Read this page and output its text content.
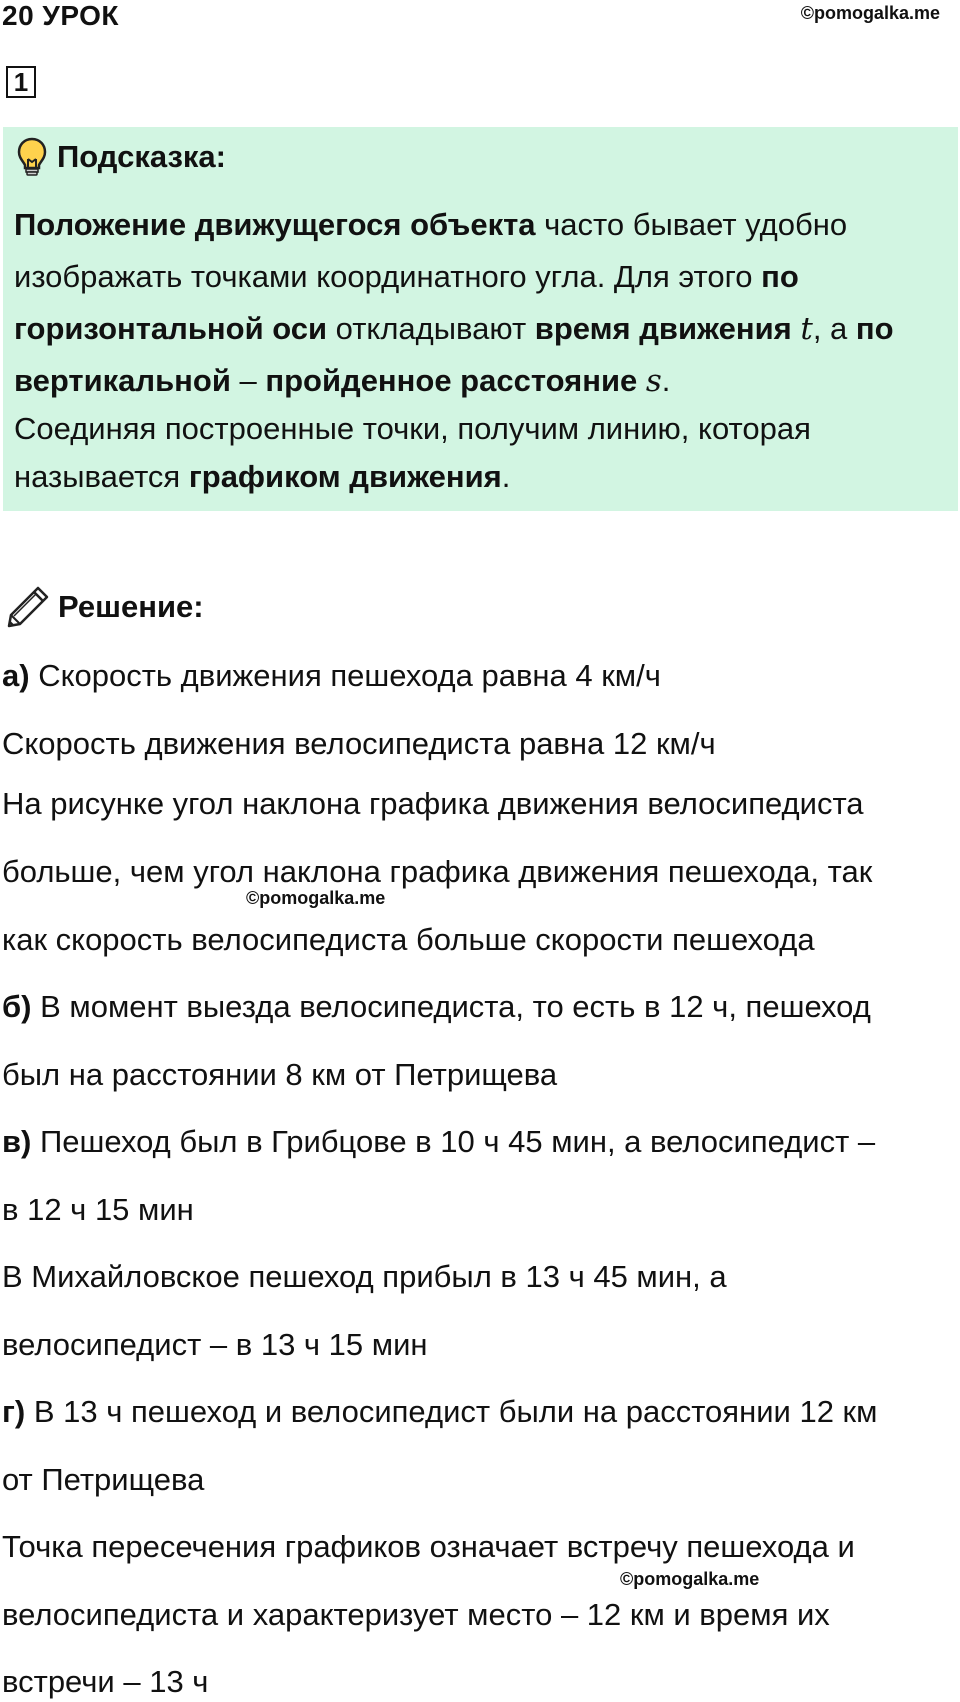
20 УРОК	©pomogalka.me
1
Подсказка:
Положение движущегося объекта часто бывает удобно
изображать точками координатного угла. Для этого по
горизонтальной оси откладывают время движения t, а по
вертикальной – пройденное расстояние s.
Соединяя построенные точки, получим линию, которая
называется графиком движения.
Решение:
а) Скорость движения пешехода равна 4 км/ч
Скорость движения велосипедиста равна 12 км/ч
На рисунке угол наклона графика движения велосипедиста
больше, чем угол наклона графика движения пешехода, так
©pomogalka.me
как скорость велосипедиста больше скорости пешехода
б) В момент выезда велосипедиста, то есть в 12 ч, пешеход
был на расстоянии 8 км от Петрищева
в) Пешеход был в Грибцове в 10 ч 45 мин, а велосипедист –
в 12 ч 15 мин
В Михайловское пешеход прибыл в 13 ч 45 мин, а
велосипедист – в 13 ч 15 мин
г) В 13 ч пешеход и велосипедист были на расстоянии 12 км
от Петрищева
Точка пересечения графиков означает встречу пешехода и
©pomogalka.me
велосипедиста и характеризует место – 12 км и время их
встречи – 13 ч
